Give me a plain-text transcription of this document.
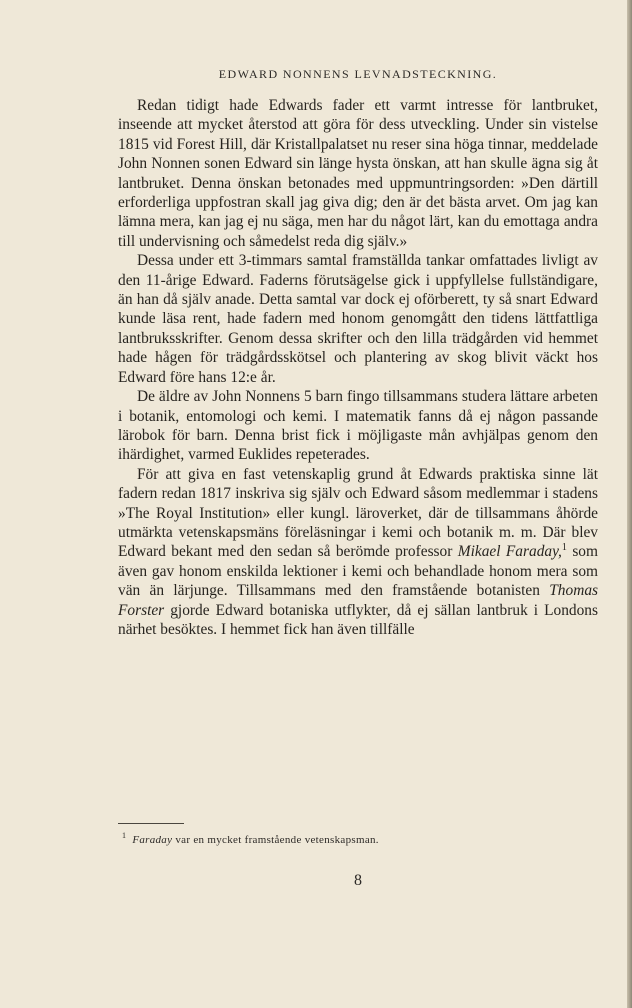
EDWARD NONNENS LEVNADSTECKNING.

Redan tidigt hade Edwards fader ett varmt intresse för lantbruket, inseende att mycket återstod att göra för dess utveckling. Under sin vistelse 1815 vid Forest Hill, där Kristallpalatset nu reser sina höga tinnar, meddelade John Nonnen sonen Edward sin länge hysta önskan, att han skulle ägna sig åt lantbruket. Denna önskan betonades med uppmuntringsorden: »Den därtill erforderliga uppfostran skall jag giva dig; den är det bästa arvet. Om jag kan lämna mera, kan jag ej nu säga, men har du något lärt, kan du emottaga andra till undervisning och såmedelst reda dig själv.»

Dessa under ett 3-timmars samtal framställda tankar omfattades livligt av den 11-årige Edward. Faderns förutsägelse gick i uppfyllelse fullständigare, än han då själv anade. Detta samtal var dock ej oförberett, ty så snart Edward kunde läsa rent, hade fadern med honom genomgått den tidens lättfattliga lantbruksskrifter. Genom dessa skrifter och den lilla trädgården vid hemmet hade hågen för trädgårdsskötsel och plantering av skog blivit väckt hos Edward före hans 12:e år.

De äldre av John Nonnens 5 barn fingo tillsammans studera lättare arbeten i botanik, entomologi och kemi. I matematik fanns då ej någon passande lärobok för barn. Denna brist fick i möjligaste mån avhjälpas genom den ihärdighet, varmed Euklides repeterades.

För att giva en fast vetenskaplig grund åt Edwards praktiska sinne lät fadern redan 1817 inskriva sig själv och Edward såsom medlemmar i stadens »The Royal Institution» eller kungl. läroverket, där de tillsammans åhörde utmärkta vetenskapsmäns föreläsningar i kemi och botanik m. m. Där blev Edward bekant med den sedan så berömde professor Mikael Faraday,$^1$ som även gav honom enskilda lektioner i kemi och behandlade honom mera som vän än lärjunge. Tillsammans med den framstående botanisten Thomas Forster gjorde Edward botaniska utflykter, då ej sällan lantbruk i Londons närhet besöktes. I hemmet fick han även tillfälle

$^1$ Faraday var en mycket framstående vetenskapsman.
8
